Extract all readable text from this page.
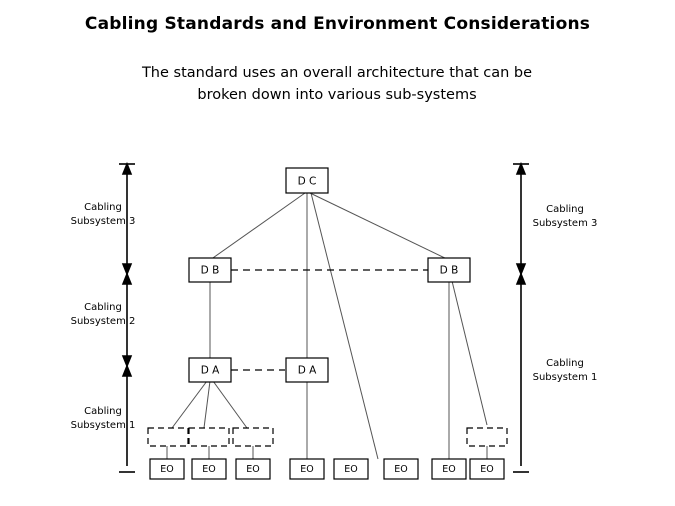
Cabling Standards and Environment Considerations
The standard uses an overall architecture that can be
broken down into various sub-systems
D C
D B	D B
D A	D A
EO	EO	EO	EO	EO	EO	EO	EO
Cabling
Subsystem 3
Cabling
Subsystem 2
Cabling
Subsystem 1
Cabling
Subsystem 3
Cabling
Subsystem 1
